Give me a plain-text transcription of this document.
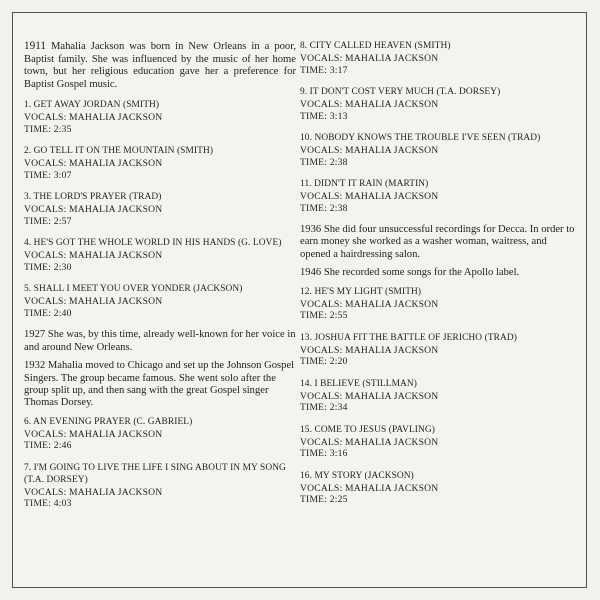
1911 Mahalia Jackson was born in New Orleans in a poor, Baptist family. She was influenced by the music of her home town, but her religious education gave her a preference for Baptist Gospel music.

1. GET AWAY JORDAN (SMITH)
VOCALS: MAHALIA JACKSON
TIME: 2:35
2. GO TELL IT ON THE MOUNTAIN (SMITH)
VOCALS: MAHALIA JACKSON
TIME: 3:07
3. THE LORD'S PRAYER (TRAD)
VOCALS: MAHALIA JACKSON
TIME: 2:57
4. HE'S GOT THE WHOLE WORLD IN HIS HANDS (G. LOVE)
VOCALS: MAHALIA JACKSON
TIME: 2:30
5. SHALL I MEET YOU OVER YONDER (JACKSON)
VOCALS: MAHALIA JACKSON
TIME: 2:40

1927 She was, by this time, already well-known for her voice in and around New Orleans.

1932 Mahalia moved to Chicago and set up the Johnson Gospel Singers. The group became famous. She went solo after the group split up, and then sang with the great Gospel singer Thomas Dorsey.

6. AN EVENING PRAYER (C. GABRIEL)
VOCALS: MAHALIA JACKSON
TIME: 2:46
7. I'M GOING TO LIVE THE LIFE I SING ABOUT IN MY SONG (T.A. DORSEY)
VOCALS: MAHALIA JACKSON
TIME: 4:03
8. CITY CALLED HEAVEN (SMITH)
VOCALS: MAHALIA JACKSON
TIME: 3:17
9. IT DON'T COST VERY MUCH (T.A. DORSEY)
VOCALS: MAHALIA JACKSON
TIME: 3:13
10. NOBODY KNOWS THE TROUBLE I'VE SEEN (TRAD)
VOCALS: MAHALIA JACKSON
TIME: 2:38
11. DIDN'T IT RAIN (MARTIN)
VOCALS: MAHALIA JACKSON
TIME: 2:38

1936 She did four unsuccessful recordings for Decca. In order to earn money she worked as a washer woman, waitress, and opened a hairdressing salon.

1946 She recorded some songs for the Apollo label.

12. HE'S MY LIGHT (SMITH)
VOCALS: MAHALIA JACKSON
TIME: 2:55
13. JOSHUA FIT THE BATTLE OF JERICHO (TRAD)
VOCALS: MAHALIA JACKSON
TIME: 2:20
14. I BELIEVE (STILLMAN)
VOCALS: MAHALIA JACKSON
TIME: 2:34
15. COME TO JESUS (PAVLING)
VOCALS: MAHALIA JACKSON
TIME: 3:16
16. MY STORY (JACKSON)
VOCALS: MAHALIA JACKSON
TIME: 2:25
